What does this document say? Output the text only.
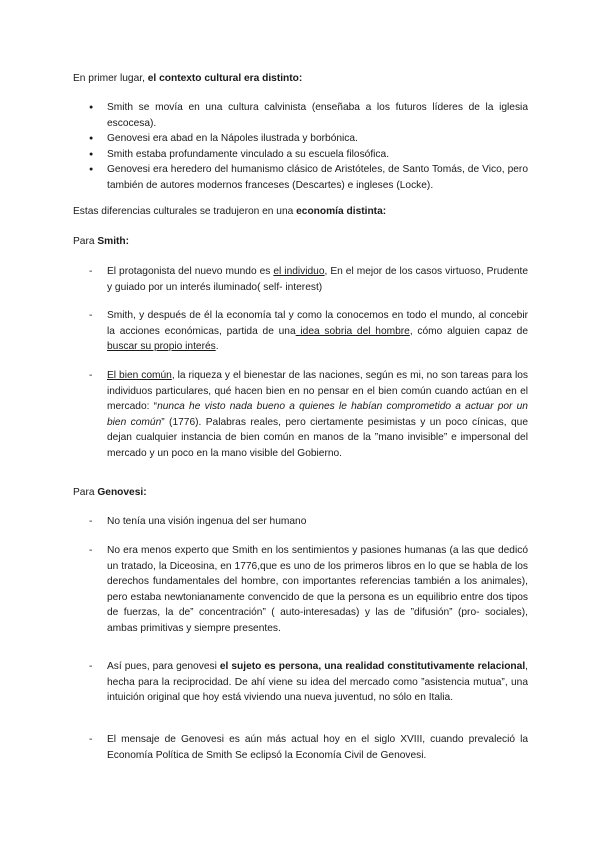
En primer lugar, el contexto cultural era distinto:

● Smith se movía en una cultura calvinista (enseñaba a los futuros líderes de la iglesia escocesa).
● Genovesi era abad en la Nápoles ilustrada y borbónica.
● Smith estaba profundamente vinculado a su escuela filosófica.
● Genovesi era heredero del humanismo clásico de Aristóteles, de Santo Tomás, de Vico, pero también de autores modernos franceses (Descartes) e ingleses (Locke).

Estas diferencias culturales se tradujeron en una economía distinta:

Para Smith:

- El protagonista del nuevo mundo es el individuo, En el mejor de los casos virtuoso, Prudente y guiado por un interés iluminado( self- interest)
- Smith, y después de él la economía tal y como la conocemos en todo el mundo, al concebir la acciones económicas, partida de una idea sobria del hombre, cómo alguien capaz de buscar su propio interés.
- El bien común, la riqueza y el bienestar de las naciones, según es mi, no son tareas para los individuos particulares, qué hacen bien en no pensar en el bien común cuando actúan en el mercado: “nunca he visto nada bueno a quienes le habían comprometido a actuar por un bien común” (1776). Palabras reales, pero ciertamente pesimistas y un poco cínicas, que dejan cualquier instancia de bien común en manos de la ”mano invisible” e impersonal del mercado y un poco en la mano visible del Gobierno.

Para Genovesi:

- No tenía una visión ingenua del ser humano
- No era menos experto que Smith en los sentimientos y pasiones humanas (a las que dedicó un tratado, la Diceosina, en 1776,que es uno de los primeros libros en lo que se habla de los derechos fundamentales del hombre, con importantes referencias también a los animales), pero estaba newtonianamente convencido de que la persona es un equilibrio entre dos tipos de fuerzas, la de” concentración” ( auto-interesadas) y las de ”difusión” (pro- sociales), ambas primitivas y siempre presentes.
- Así pues, para genovesi el sujeto es persona, una realidad constitutivamente relacional, hecha para la reciprocidad. De ahí viene su idea del mercado como ”asistencia mutua”, una intuición original que hoy está viviendo una nueva juventud, no sólo en Italia.
- El mensaje de Genovesi es aún más actual hoy en el siglo XVIII, cuando prevaleció la Economía Política de Smith Se eclipsó la Economía Civil de Genovesi.
